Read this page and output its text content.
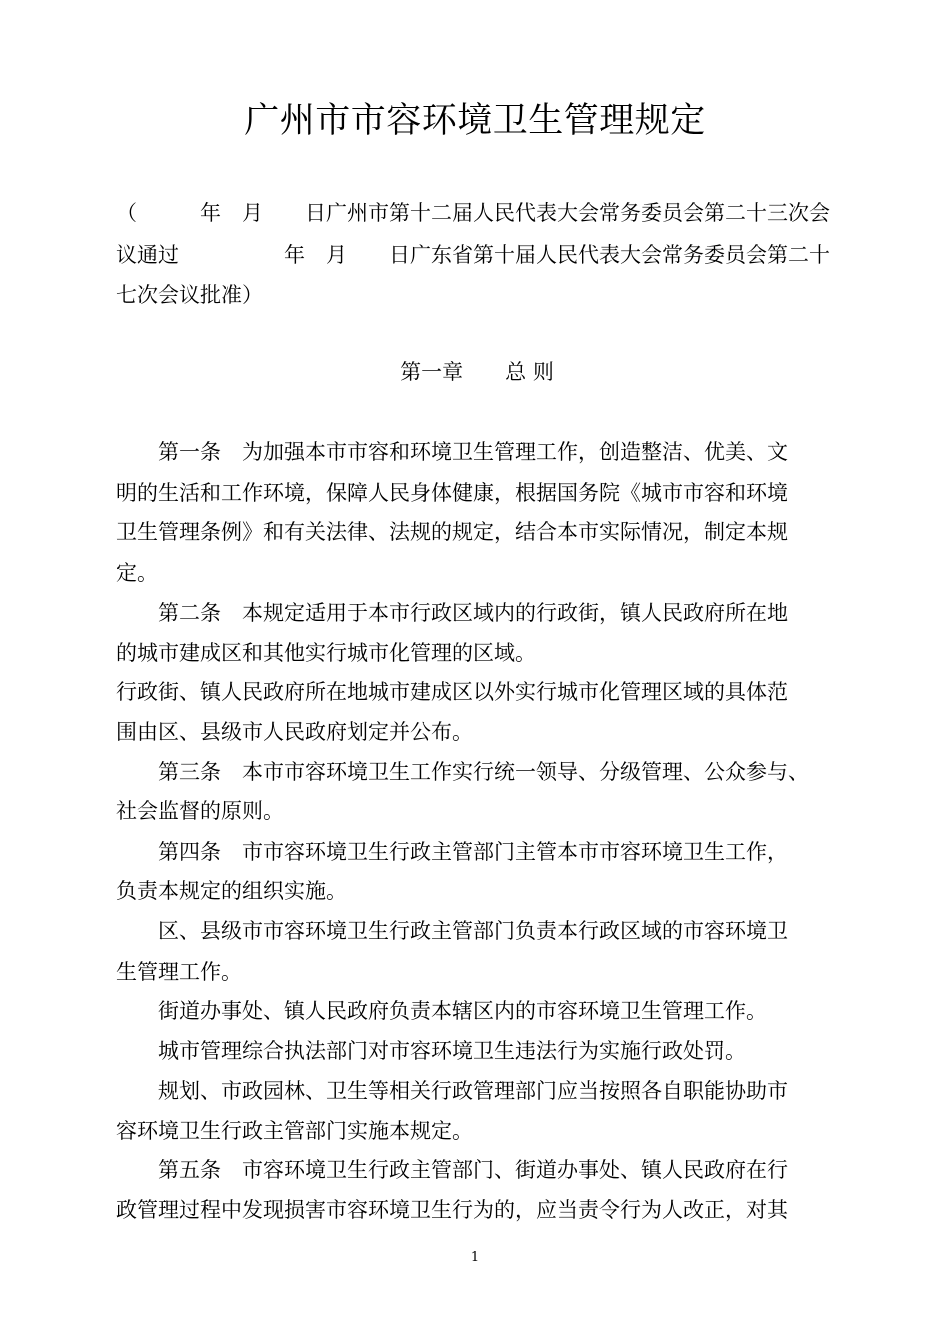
广州市市容环境卫生管理规定
（　　　年　月　　日广州市第十二届人民代表大会常务委员会第二十三次会
议通过　　　　　年　月　　日广东省第十届人民代表大会常务委员会第二十
七次会议批准）
第一章　　总 则
第一条　为加强本市市容和环境卫生管理工作，创造整洁、优美、文
明的生活和工作环境，保障人民身体健康，根据国务院《城市市容和环境
卫生管理条例》和有关法律、法规的规定，结合本市实际情况，制定本规
定。
第二条　本规定适用于本市行政区域内的行政街，镇人民政府所在地
的城市建成区和其他实行城市化管理的区域。
行政街、镇人民政府所在地城市建成区以外实行城市化管理区域的具体范
围由区、县级市人民政府划定并公布。
第三条　本市市容环境卫生工作实行统一领导、分级管理、公众参与、
社会监督的原则。
第四条　市市容环境卫生行政主管部门主管本市市容环境卫生工作，
负责本规定的组织实施。
区、县级市市容环境卫生行政主管部门负责本行政区域的市容环境卫
生管理工作。
街道办事处、镇人民政府负责本辖区内的市容环境卫生管理工作。
城市管理综合执法部门对市容环境卫生违法行为实施行政处罚。
规划、市政园林、卫生等相关行政管理部门应当按照各自职能协助市
容环境卫生行政主管部门实施本规定。
第五条　市容环境卫生行政主管部门、街道办事处、镇人民政府在行
政管理过程中发现损害市容环境卫生行为的，应当责令行为人改正，对其
1
